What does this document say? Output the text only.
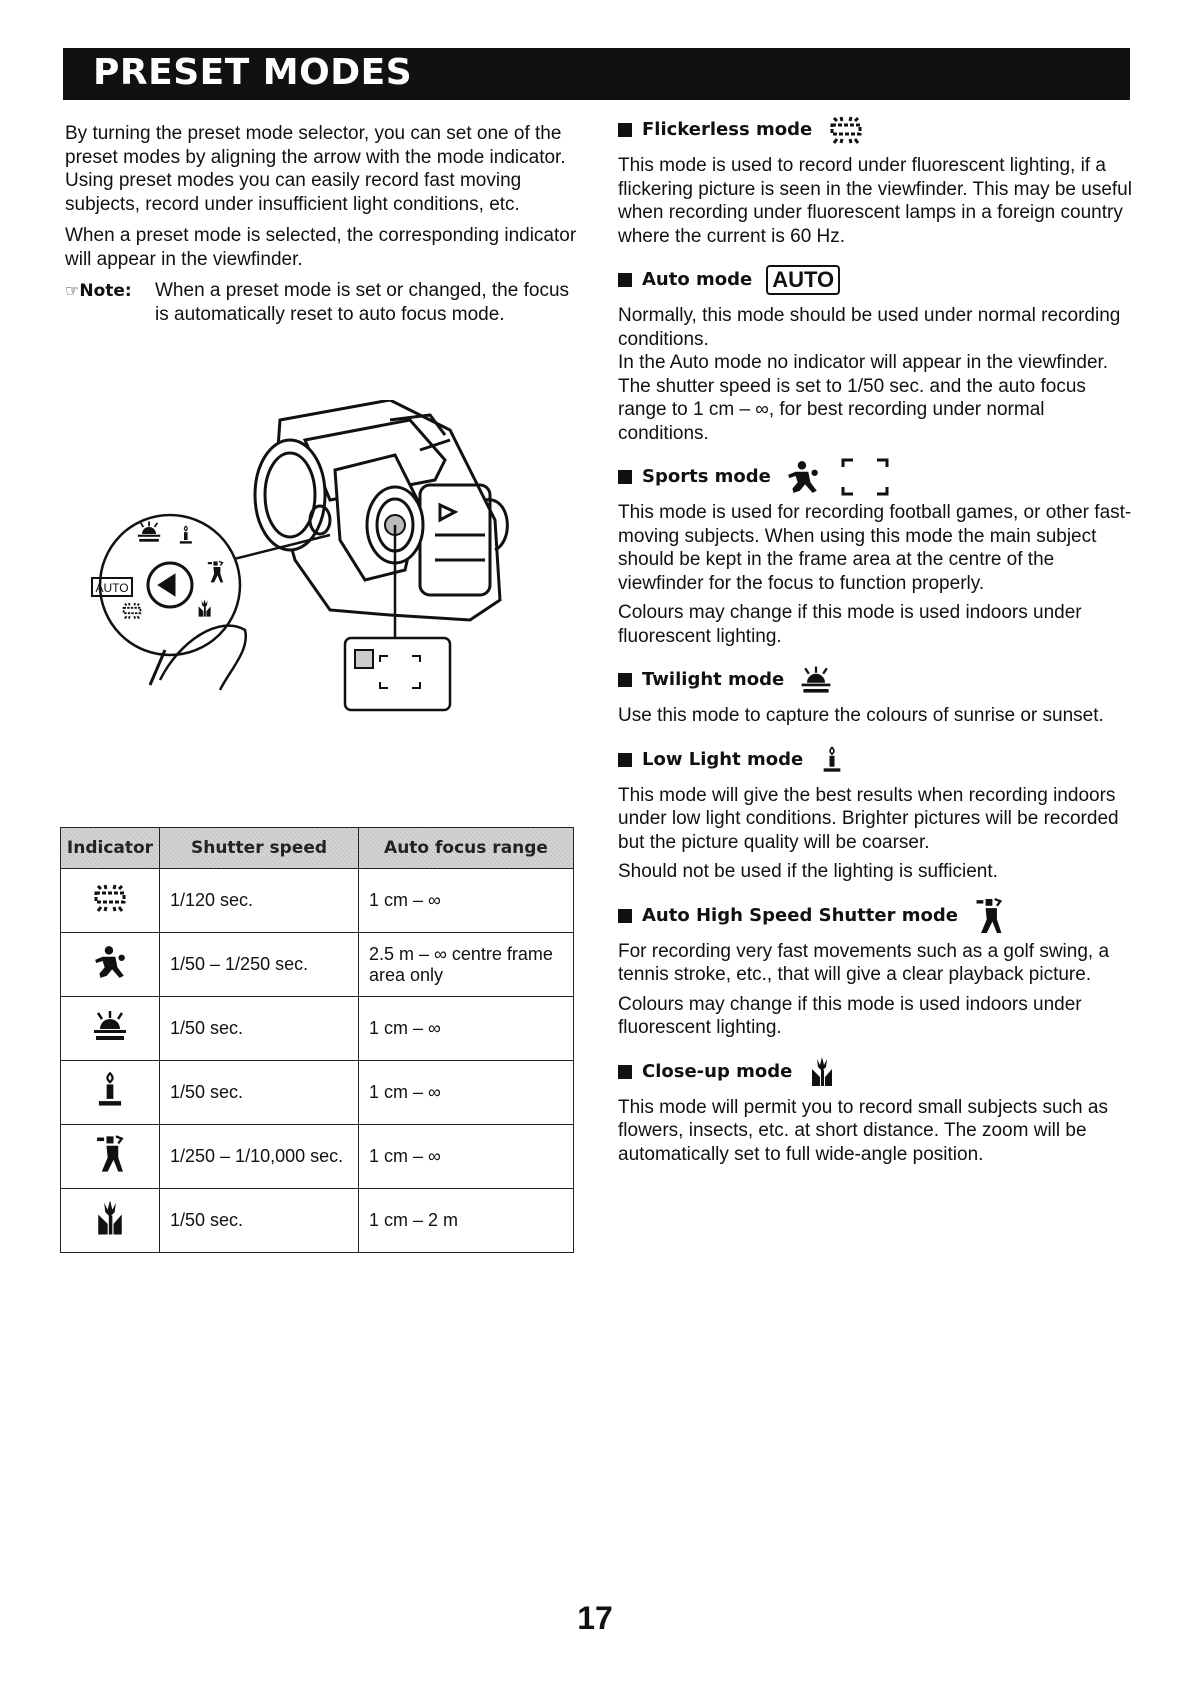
PRESET MODES

By turning the preset mode selector, you can set one of the preset modes by aligning the arrow with the mode indicator. Using preset modes you can easily record fast moving subjects, record under insufficient light conditions, etc.

When a preset mode is selected, the corresponding indicator will appear in the viewfinder.

☞Note: When a preset mode is set or changed, the focus is automatically reset to auto focus mode.
AUTO
Indicator	Shutter speed	Auto focus range
	1/120 sec.	1 cm – ∞
	1/50 – 1/250 sec.	2.5 m – ∞ centre frame area only
	1/50 sec.	1 cm – ∞
	1/50 sec.	1 cm – ∞
	1/250 – 1/10,000 sec.	1 cm – ∞
	1/50 sec.	1 cm – 2 m
Flickerless mode

This mode is used to record under fluorescent lighting, if a flickering picture is seen in the viewfinder. This may be useful when recording under fluorescent lamps in a foreign country where the current is 60 Hz.

Auto mode AUTO

Normally, this mode should be used under normal recording conditions.

In the Auto mode no indicator will appear in the viewfinder. The shutter speed is set to 1/50 sec. and the auto focus range to 1 cm – ∞, for best recording under normal conditions.

Sports mode

This mode is used for recording football games, or other fast-moving subjects. When using this mode the main subject should be kept in the frame area at the centre of the viewfinder for the focus to function properly.

Colours may change if this mode is used indoors under fluorescent lighting.

Twilight mode

Use this mode to capture the colours of sunrise or sunset.

Low Light mode

This mode will give the best results when recording indoors under low light conditions. Brighter pictures will be recorded but the picture quality will be coarser.

Should not be used if the lighting is sufficient.

Auto High Speed Shutter mode

For recording very fast movements such as a golf swing, a tennis stroke, etc., that will give a clear playback picture.

Colours may change if this mode is used indoors under fluorescent lighting.

Close-up mode

This mode will permit you to record small subjects such as flowers, insects, etc. at short distance. The zoom will be automatically set to full wide-angle position.

17
